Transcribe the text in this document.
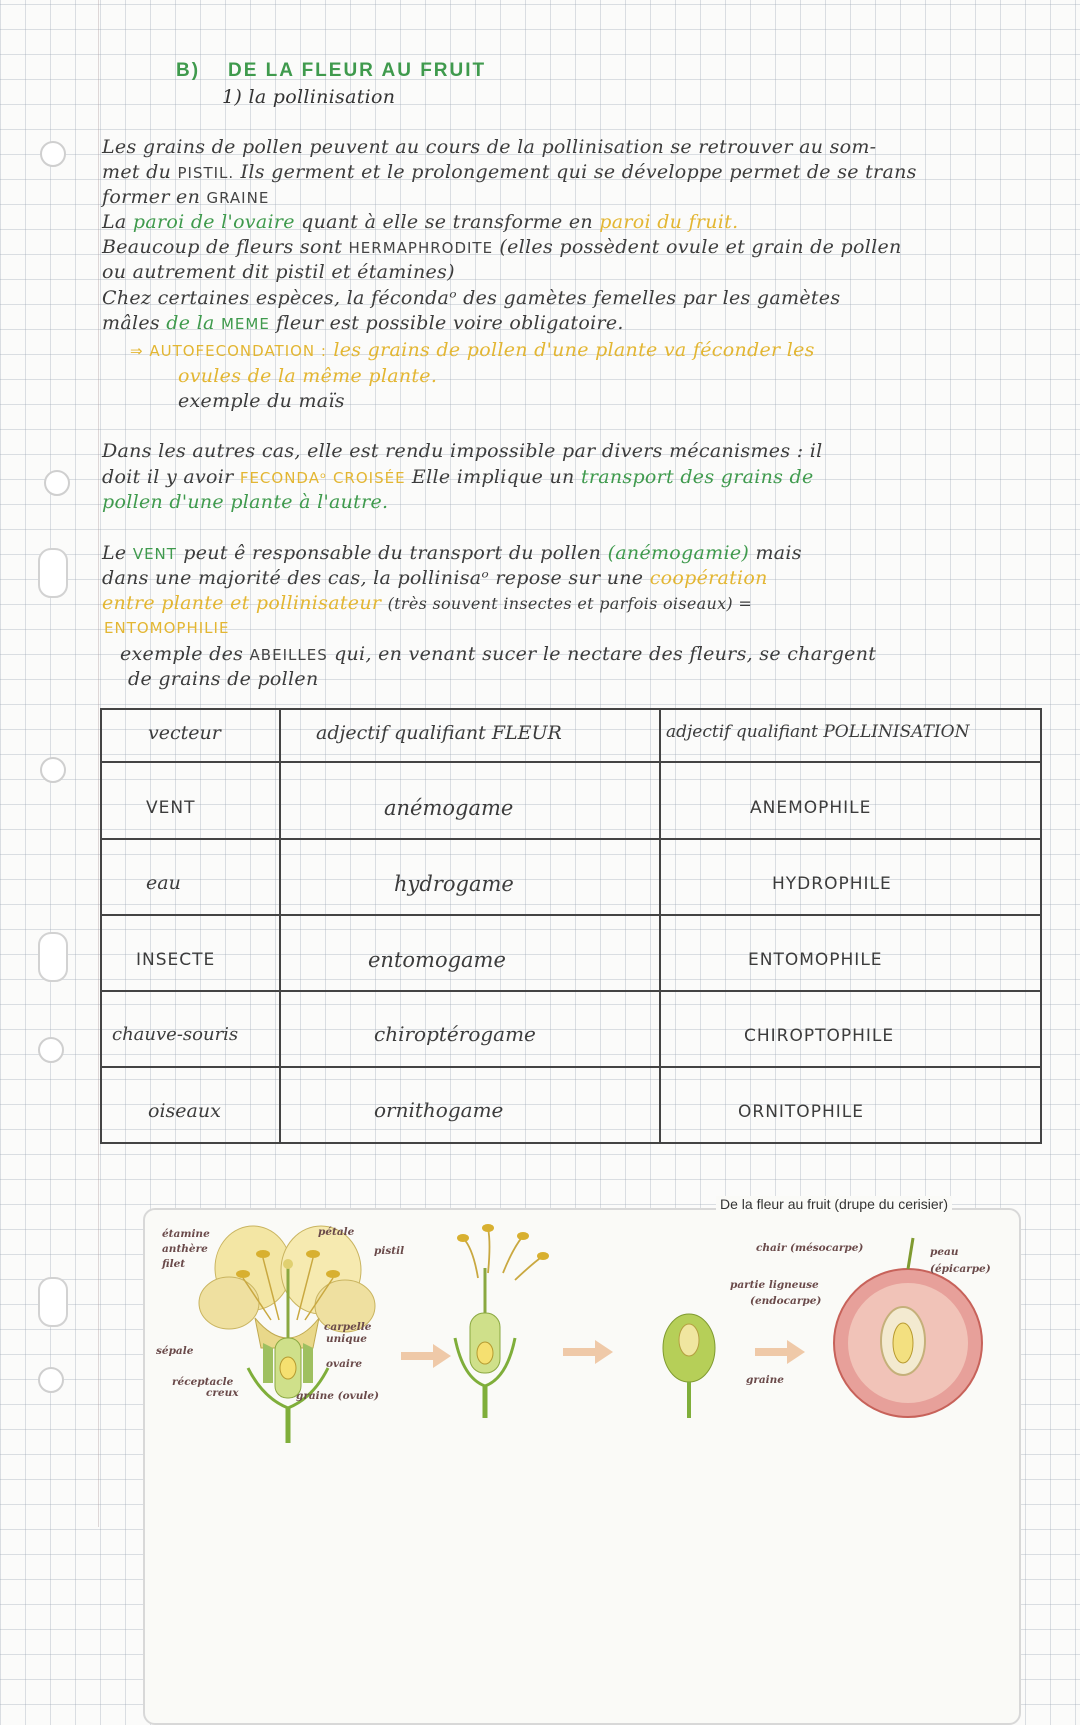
B) DE LA FLEUR AU FRUIT
1) la pollinisation
Les grains de pollen peuvent au cours de la pollinisation se retrouver au som-
met du PISTIL. Ils germent et le prolongement qui se développe permet de se trans
former en GRAINE
La paroi de l'ovaire quant à elle se transforme en paroi du fruit.
Beaucoup de fleurs sont HERMAPHRODITE (elles possèdent ovule et grain de pollen
ou autrement dit pistil et étamines)
Chez certaines espèces, la fécondaᵒ des gamètes femelles par les gamètes
mâles de la MEME fleur est possible voire obligatoire.
⇒ AUTOFECONDATION : les grains de pollen d'une plante va féconder les
ovules de la même plante.
exemple du maïs
Dans les autres cas, elle est rendu impossible par divers mécanismes : il
doit il y avoir FECONDAᵒ CROISÉE Elle implique un transport des grains de
pollen d'une plante à l'autre.
Le VENT peut ê responsable du transport du pollen (anémogamie) mais
dans une majorité des cas, la pollinisaᵒ repose sur une coopération
entre plante et pollinisateur (très souvent insectes et parfois oiseaux) =
ENTOMOPHILIE
exemple des ABEILLES qui, en venant sucer le nectare des fleurs, se chargent
de grains de pollen
vecteur	adjectif qualifiant FLEUR	adjectif qualifiant POLLINISATION
VENT	anémogame	ANEMOPHILE
eau	hydrogame	HYDROPHILE
INSECTE	entomogame	ENTOMOPHILE
chauve-souris	chiroptérogame	CHIROPTOPHILE
oiseaux	ornithogame	ORNITOPHILE
De la fleur au fruit (drupe du cerisier)
étamine
anthère
filet
pétale
pistil
sépale
carpelle
unique
ovaire
réceptacle
creux	graine (ovule)
chair (mésocarpe)	peau
(épicarpe)
partie ligneuse
(endocarpe)
graine
